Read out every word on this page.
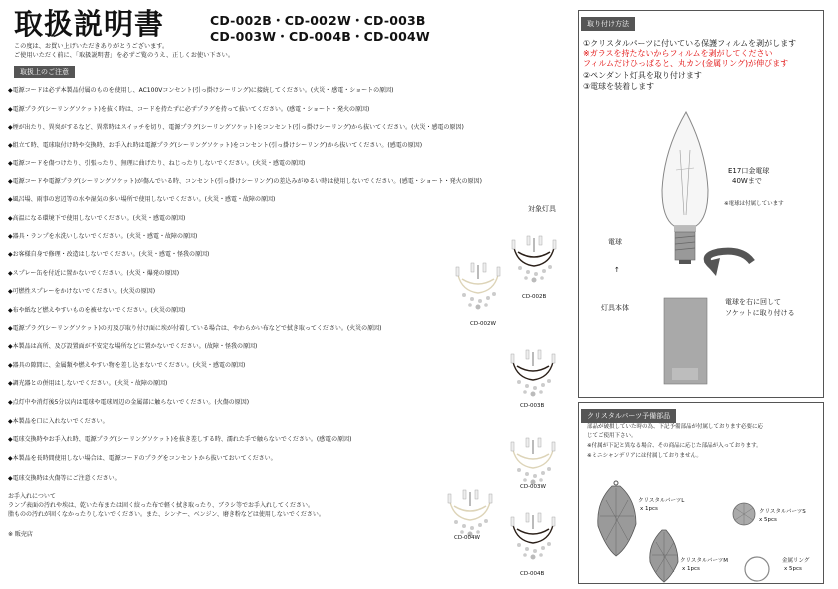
取扱説明書	CD-002B・CD-002W・CD-003B
CD-003W・CD-004B・CD-004W
この度は、お買い上げいただきありがとうございます。
ご使用いただく前に、「取扱説明書」を必ずご覧のうえ、正しくお使い下さい。
取扱上のご注意
◆電源コードは必ず本製品付属のものを使用し、AC100Vコンセント(引っ掛けシーリング)に接続してください。(火災・感電・ショートの原因)
◆電源プラグ(シーリングソケット)を抜く時は、コードを持たずに必ずプラグを持って抜いてください。(感電・ショート・発火の原因)
◆煙が出たり、異臭がするなど、異常時はスイッチを切り、電源プラグ(シーリングソケット)をコンセント(引っ掛けシーリング)から抜いてください。(火災・感電の原因)
◆組立て時、電球取付け時や交換時、お手入れ時は電源プラグ(シーリングソケット)をコンセント(引っ掛けシーリング)から抜いてください。(感電の原因)
◆電源コードを傷つけたり、引張ったり、無理に曲げたり、ねじったりしないでください。(火災・感電の原因)
◆電源コードや電源プラグ(シーリングソケット)が傷んでいる時、コンセント(引っ掛けシーリング)の差込みがゆるい時は使用しないでください。(感電・ショート・発火の原因)
◆風呂場、雨事の窓辺等の水や湿気の多い場所で使用しないでください。(火災・感電・故障の原因)
◆高温になる環境下で使用しないでください。(火災・感電の原因)
◆器具・ランプを水洗いしないでください。(火災・感電・故障の原因)
◆お客様自身で修理・改造はしないでください。(火災・感電・怪我の原因)
◆スプレー缶を付近に置かないでください。(火災・爆発の原因)
◆可燃性スプレーをかけないでください。(火災の原因)
◆布や紙など燃えやすいものを被せないでください。(火災の原因)
◆電源プラグ(シーリングソケット)の刃及び取り付け面に埃が付着している場合は、やわらかい布などで拭き取ってください。(火災の原因)
◆本製品は高所、及び設置面が不安定な場所などに置かないでください。(故障・怪我の原因)
◆器具の隙間に、金属類や燃えやすい物を差し込まないでください。(火災・感電の原因)
◆調光器との併用はしないでください。(火災・故障の原因)
◆点灯中や消灯後5分以内は電球や電球周辺の金属部に触らないでください。(火傷の原因)
◆本製品を口に入れないでください。
◆電球交換時やお手入れ時、電源プラグ(シーリングソケット)を抜き差しする時、濡れた手で触らないでください。(感電の原因)
◆本製品を長時間使用しない場合は、電源コードのプラグをコンセントから抜いておいてください。
◆電球交換時は火傷等にご注意ください。
お手入れについて
ランプ表面の汚れや埃は、乾いた布または固く絞った布で軽く拭き取ったり、ブラシ等でお手入れしてください。
脂ものの汚れが固くなかったりしないでください。また、シンナー、ベンジン、磨き粉などは使用しないでください。
※ 販売店
対象灯具
CD-002B
CD-002W
CD-003B
CD-003W
CD-004W
CD-004B
取り付け方法
①クリスタルパーツに付いている保護フィルムを剥がします
※ガラスを持たないからフィルムを剥がしてください
フィルムだけひっぱると、丸カン(金属リング)が伸びます
②ペンダント灯具を取り付けます
③電球を装着します
E17口金電球
40Wまで
※電球は付属しています
電球
↑
灯具本体
電球を右に回して
ソケットに取り付ける
クリスタルパーツ予備部品
部品が破損していた時の為、下記予備部品が付属しております必要に応
じてご使用下さい。
※付属が下記と異なる場合、その商品に応じた部品が入っております。
※ミニシャンデリアには付属しておりません。
クリスタルパーツL
x 1pcs	クリスタルパーツS
x 5pcs
クリスタルパーツM
x 1pcs
金属リング
x 5pcs
